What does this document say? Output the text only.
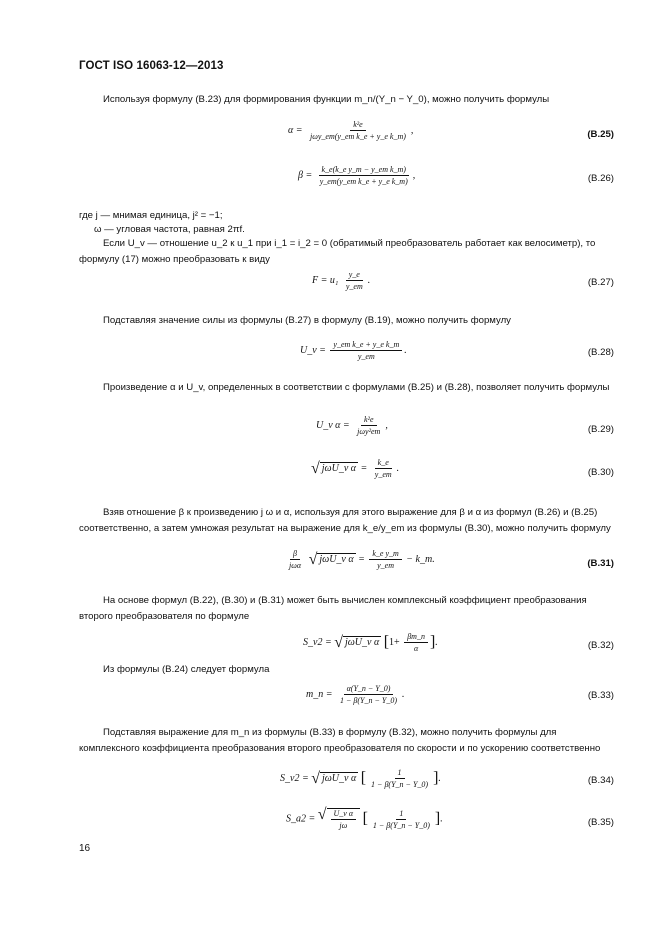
ГОСТ ISO 16063-12—2013
Используя формулу (В.23) для формирования функции m_n/(Y_n − Y_0), можно получить формулы
$\alpha = \frac{\text{k²e}}{\text{jωy\_em(y\_em k\_e + y\_e k\_m)}}$ ,	(В.25)
$\beta = \frac{\text{k\_e(k\_e y\_m − y\_em k\_m)}}{\text{y\_em(y\_em k\_e + y\_e k\_m)}}$ ,	(В.26)
где j — мнимая единица, j² = −1;
ω — угловая частота, равная 2πf.
Если U_v — отношение u_2 к u_1 при i_1 = i_2 = 0 (обратимый преобразователь работает как велосиметр), то формулу (17) можно преобразовать к виду
$F = u_1 \frac{y\_e}{y\_em}$ .	(В.27)
Подставляя значение силы из формулы (В.27) в формулу (В.19), можно получить формулу
U_v = $\frac{\text{y\_em k\_e + y\_e k\_m}}{y\_em}$ .	(В.28)
Произведение α и U_v, определенных в соответствии с формулами (В.25) и (В.28), позволяет получить формулы
U_v $\alpha = \frac{\text{k²e}}{\text{jωy²em}}$ ,	(В.29)
√ jωU_v $\alpha = \frac{k\_e}{y\_em}$ .	(В.30)
Взяв отношение β к произведению j ω и α, используя для этого выражение для β и α из формул (В.26) и (В.25) соответственно, а затем умножая результат на выражение для k_e/y_em из формулы (В.30), можно получить формулу
$\frac{\beta}{\text{jωα}}$
√ jωU_v $\alpha = \frac{\text{k\_e y\_m}}{y\_em}$ − k_m.	(В.31)
На основе формул (В.22), (В.30) и (В.31) может быть вычислен комплексный коэффициент преобразования второго преобразователя по формуле
S_v2 = √ jωU_v α [$1+ \frac{\beta m\_n}{\alpha}$ ].	(В.32)
Из формулы (В.24) следует формула
m_n = $\frac{\alpha(Y\_n - Y\_0)}{1 - \beta(Y\_n - Y\_0)}$ .	(В.33)
Подставляя выражение для m_n из формулы (В.33) в формулу (В.32), можно получить формулы для комплексного коэффициента преобразования второго преобразователя по скорости и по ускорению соответственно
S_v2 = √ jωU_v α [ $\frac{1}{1 - \beta(Y\_n - Y\_0)}$ ].	(В.34)
S_a2 = √ $\frac{\text{U\_v α}}{j\omega}$ [ $\frac{1}{1 - \beta(Y\_n - Y\_0)}$ ].	(В.35)
16
